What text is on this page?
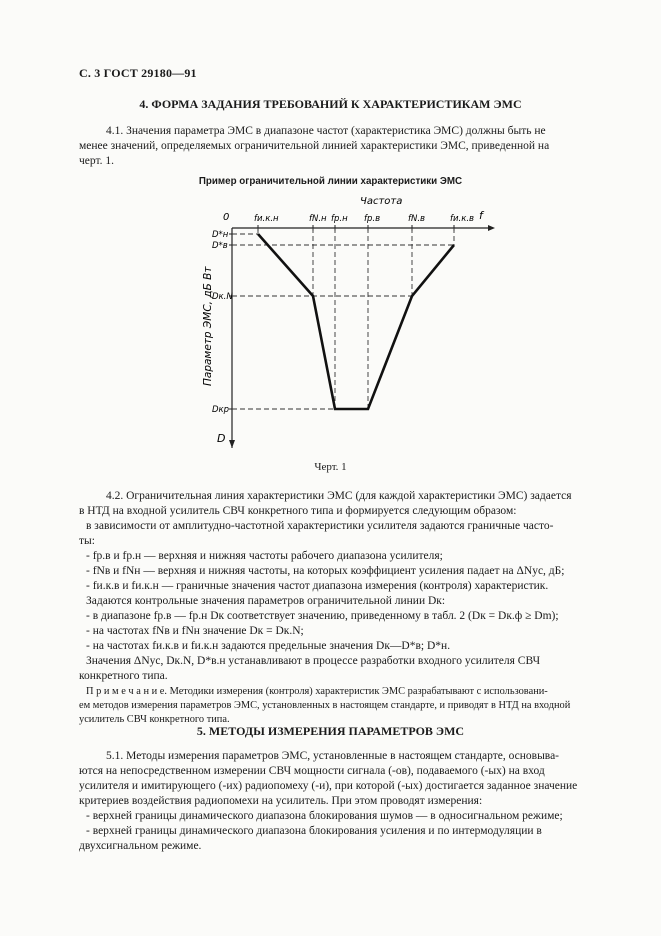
С. 3 ГОСТ 29180—91
4. ФОРМА ЗАДАНИЯ ТРЕБОВАНИЙ К ХАРАКТЕРИСТИКАМ ЭМС
4.1. Значения параметра ЭМС в диапазоне частот (характеристика ЭМС) должны быть не
менее значений, определяемых ограничительной линией характеристики ЭМС, приведенной на
черт. 1.
Пример ограничительной линии характеристики ЭМС
0
Частота
f
D
Параметр ЭМС, дБ Вт
fи.к.н	fN.н fр.н fр.в	fN.в	fи.к.в
D*н
D*в
Dк.N
Dкр
Черт. 1
4.2. Ограничительная линия характеристики ЭМС (для каждой характеристики ЭМС) задается
в НТД на входной усилитель СВЧ конкретного типа и формируется следующим образом:
в зависимости от амплитудно-частотной характеристики усилителя задаются граничные часто-
ты:
- fр.в и fр.н — верхняя и нижняя частоты рабочего диапазона усилителя;
- fNв и fNн — верхняя и нижняя частоты, на которых коэффициент усиления падает на ΔNус, дБ;
- fи.к.в и fи.к.н — граничные значения частот диапазона измерения (контроля) характеристик.
Задаются контрольные значения параметров ограничительной линии Dк:
- в диапазоне fр.в — fр.н Dк соответствует значению, приведенному в табл. 2 (Dк = Dк.ф ≥ Dm);
- на частотах fNв и fNн значение Dк = Dк.N;
- на частотах fи.к.в и fи.к.н задаются предельные значения Dк—D*в; D*н.
Значения ΔNус, Dк.N, D*в.н устанавливают в процессе разработки входного усилителя СВЧ
конкретного типа.
П р и м е ч а н и е. Методики измерения (контроля) характеристик ЭМС разрабатывают с использовани-
ем методов измерения параметров ЭМС, установленных в настоящем стандарте, и приводят в НТД на входной
усилитель СВЧ конкретного типа.
5. МЕТОДЫ ИЗМЕРЕНИЯ ПАРАМЕТРОВ ЭМС
5.1. Методы измерения параметров ЭМС, установленные в настоящем стандарте, основыва-
ются на непосредственном измерении СВЧ мощности сигнала (-ов), подаваемого (-ых) на вход
усилителя и имитирующего (-их) радиопомеху (-и), при которой (-ых) достигается заданное значение
критериев воздействия радиопомехи на усилитель. При этом проводят измерения:
- верхней границы динамического диапазона блокирования шумов — в односигнальном режиме;
- верхней границы динамического диапазона блокирования усиления и по интермодуляции в
двухсигнальном режиме.
